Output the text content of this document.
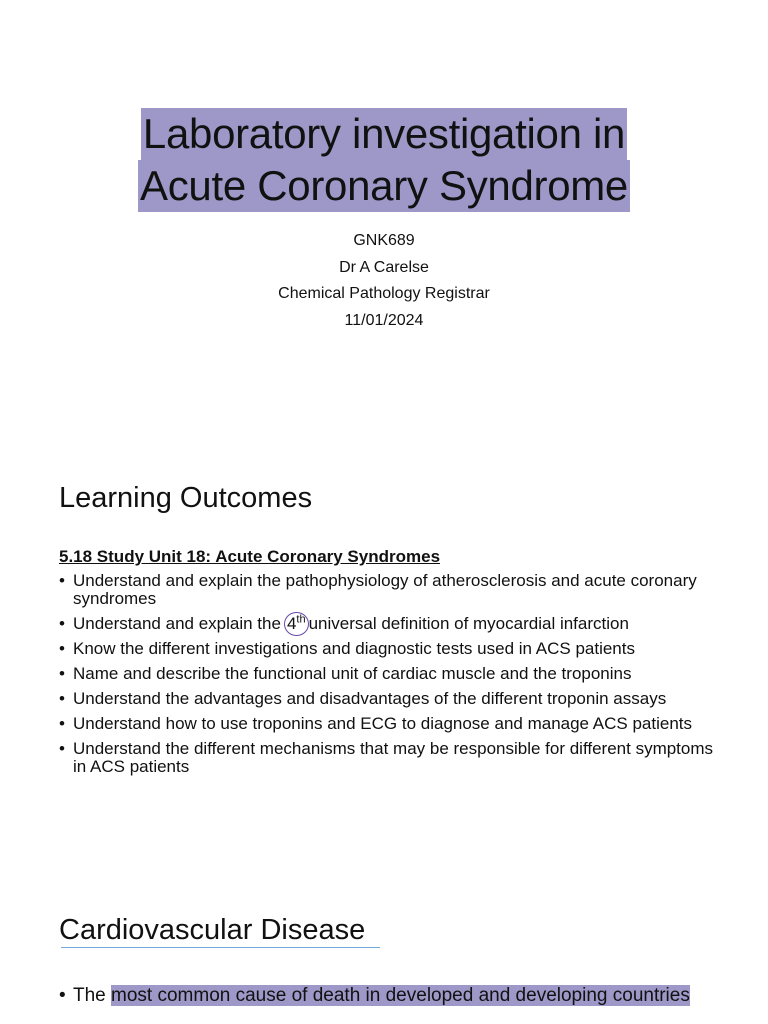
Laboratory investigation in
Acute Coronary Syndrome
GNK689
Dr A Carelse
Chemical Pathology Registrar
11/01/2024
Learning Outcomes
5.18 Study Unit 18: Acute Coronary Syndromes
• Understand and explain the pathophysiology of atherosclerosis and acute coronary syndromes
• Understand and explain the 4th universal definition of myocardial infarction
• Know the different investigations and diagnostic tests used in ACS patients
• Name and describe the functional unit of cardiac muscle and the troponins
• Understand the advantages and disadvantages of the different troponin assays
• Understand how to use troponins and ECG to diagnose and manage ACS patients
• Understand the different mechanisms that may be responsible for different symptoms in ACS patients
Cardiovascular Disease
• The most common cause of death in developed and developing countries
